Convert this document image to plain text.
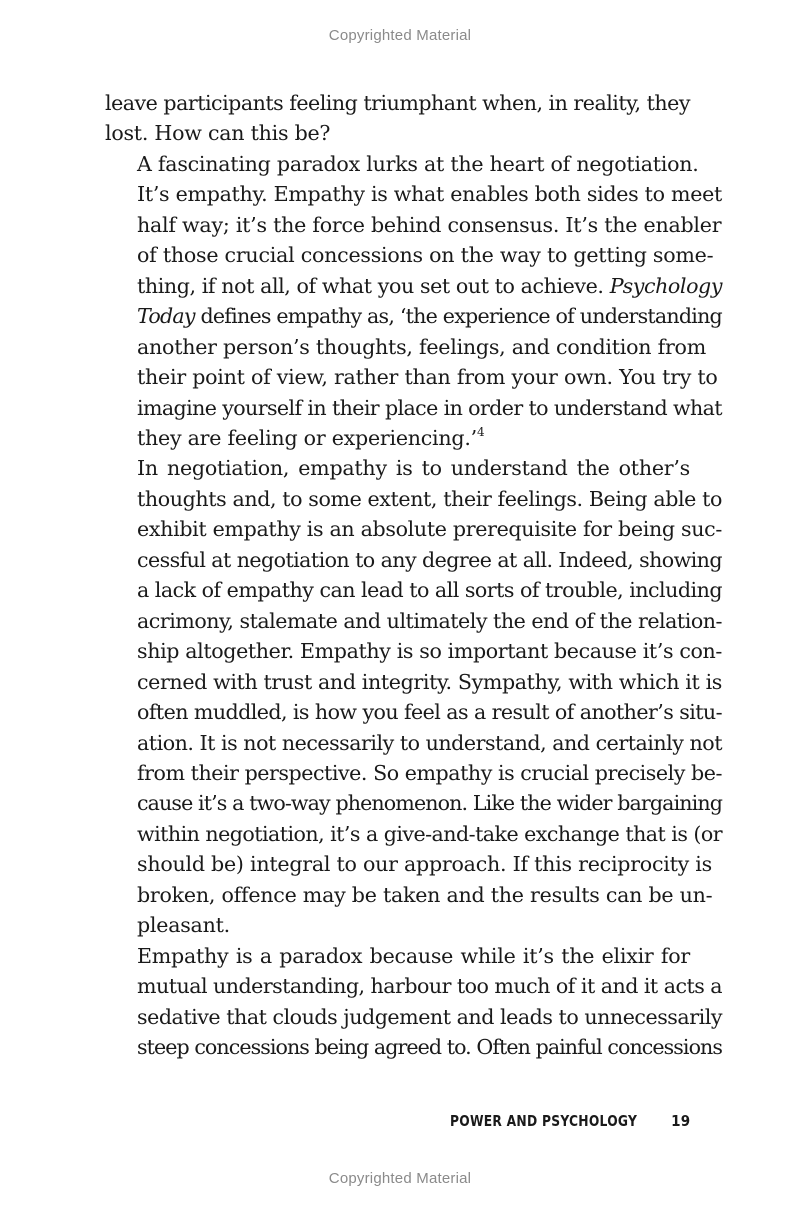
Copyrighted Material

leave participants feeling triumphant when, in reality, they
lost. How can this be?

A fascinating paradox lurks at the heart of negotiation.
It’s empathy. Empathy is what enables both sides to meet
half way; it’s the force behind consensus. It’s the enabler
of those crucial concessions on the way to getting some-
thing, if not all, of what you set out to achieve. Psychology
Today defines empathy as, ‘the experience of understanding
another person’s thoughts, feelings, and condition from
their point of view, rather than from your own. You try to
imagine yourself in their place in order to understand what
they are feeling or experiencing.’$^4$

In negotiation, empathy is to understand the other’s
thoughts and, to some extent, their feelings. Being able to
exhibit empathy is an absolute prerequisite for being suc-
cessful at negotiation to any degree at all. Indeed, showing
a lack of empathy can lead to all sorts of trouble, including
acrimony, stalemate and ultimately the end of the relation-
ship altogether. Empathy is so important because it’s con-
cerned with trust and integrity. Sympathy, with which it is
often muddled, is how you feel as a result of another’s situ-
ation. It is not necessarily to understand, and certainly not
from their perspective. So empathy is crucial precisely be-
cause it’s a two-way phenomenon. Like the wider bargaining
within negotiation, it’s a give-and-take exchange that is (or
should be) integral to our approach. If this reciprocity is
broken, offence may be taken and the results can be un-
pleasant.

Empathy is a paradox because while it’s the elixir for
mutual understanding, harbour too much of it and it acts a
sedative that clouds judgement and leads to unnecessarily
steep concessions being agreed to. Often painful concessions

POWER AND PSYCHOLOGY 19
Copyrighted Material
